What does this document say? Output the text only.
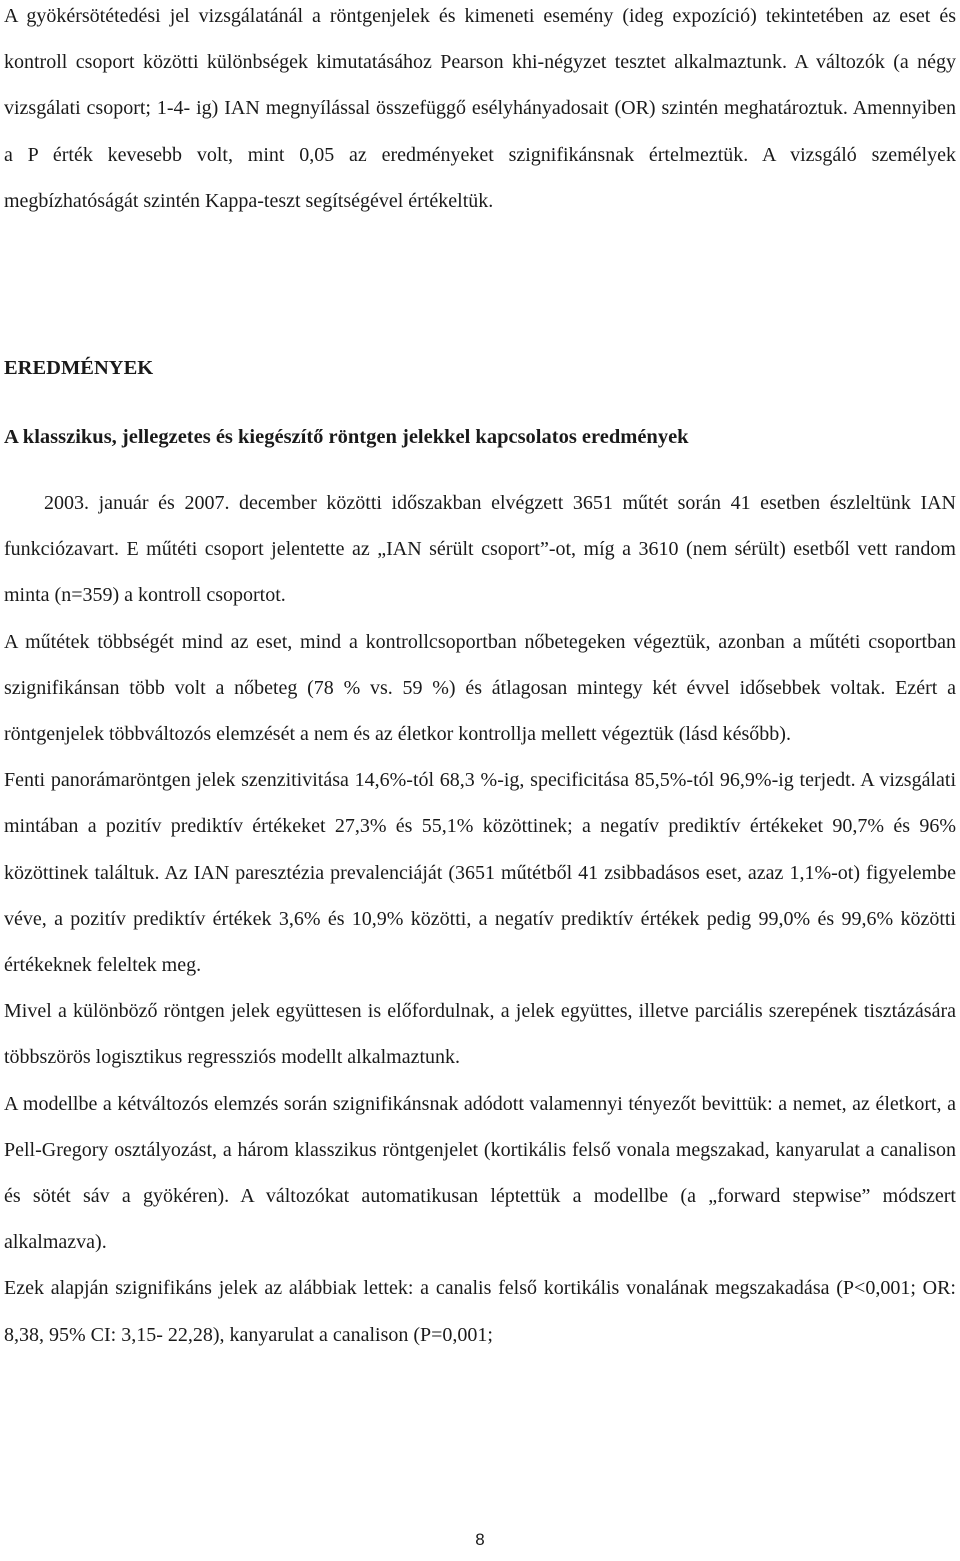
A gyökérsötétedési jel vizsgálatánál a röntgenjelek és kimeneti esemény (ideg expozíció) tekintetében az eset és kontroll csoport közötti különbségek kimutatásához Pearson khi-négyzet tesztet alkalmaztunk. A változók (a négy vizsgálati csoport; 1-4- ig) IAN megnyílással összefüggő esélyhányadosait (OR) szintén meghatároztuk. Amennyiben a P érték kevesebb volt, mint 0,05 az eredményeket szignifikánsnak értelmeztük. A vizsgáló személyek megbízhatóságát szintén Kappa-teszt segítségével értékeltük.

EREDMÉNYEK
A klasszikus, jellegzetes és kiegészítő röntgen jelekkel kapcsolatos eredmények

2003. január és 2007. december közötti időszakban elvégzett 3651 műtét során 41 esetben észleltünk IAN funkciózavart. E műtéti csoport jelentette az „IAN sérült csoport”-ot, míg a 3610 (nem sérült) esetből vett random minta (n=359) a kontroll csoportot.

A műtétek többségét mind az eset, mind a kontrollcsoportban nőbetegeken végeztük, azonban a műtéti csoportban szignifikánsan több volt a nőbeteg (78 % vs. 59 %) és átlagosan mintegy két évvel idősebbek voltak. Ezért a röntgenjelek többváltozós elemzését a nem és az életkor kontrollja mellett végeztük (lásd később).

Fenti panorámaröntgen jelek szenzitivitása 14,6%-tól 68,3 %-ig, specificitása 85,5%-tól 96,9%-ig terjedt. A vizsgálati mintában a pozitív prediktív értékeket 27,3% és 55,1% közöttinek; a negatív prediktív értékeket 90,7% és 96% közöttinek találtuk. Az IAN paresztézia prevalenciáját (3651 műtétből 41 zsibbadásos eset, azaz 1,1%-ot) figyelembe véve, a pozitív prediktív értékek 3,6% és 10,9% közötti, a negatív prediktív értékek pedig 99,0% és 99,6% közötti értékeknek feleltek meg.

Mivel a különböző röntgen jelek együttesen is előfordulnak, a jelek együttes, illetve parciális szerepének tisztázására többszörös logisztikus regressziós modellt alkalmaztunk.

A modellbe a kétváltozós elemzés során szignifikánsnak adódott valamennyi tényezőt bevittük: a nemet, az életkort, a Pell-Gregory osztályozást, a három klasszikus röntgenjelet (kortikális felső vonala megszakad, kanyarulat a canalison és sötét sáv a gyökéren). A változókat automatikusan léptettük a modellbe (a „forward stepwise” módszert alkalmazva).

Ezek alapján szignifikáns jelek az alábbiak lettek: a canalis felső kortikális vonalának megszakadása (P<0,001; OR: 8,38, 95% CI: 3,15- 22,28), kanyarulat a canalison (P=0,001;

8
